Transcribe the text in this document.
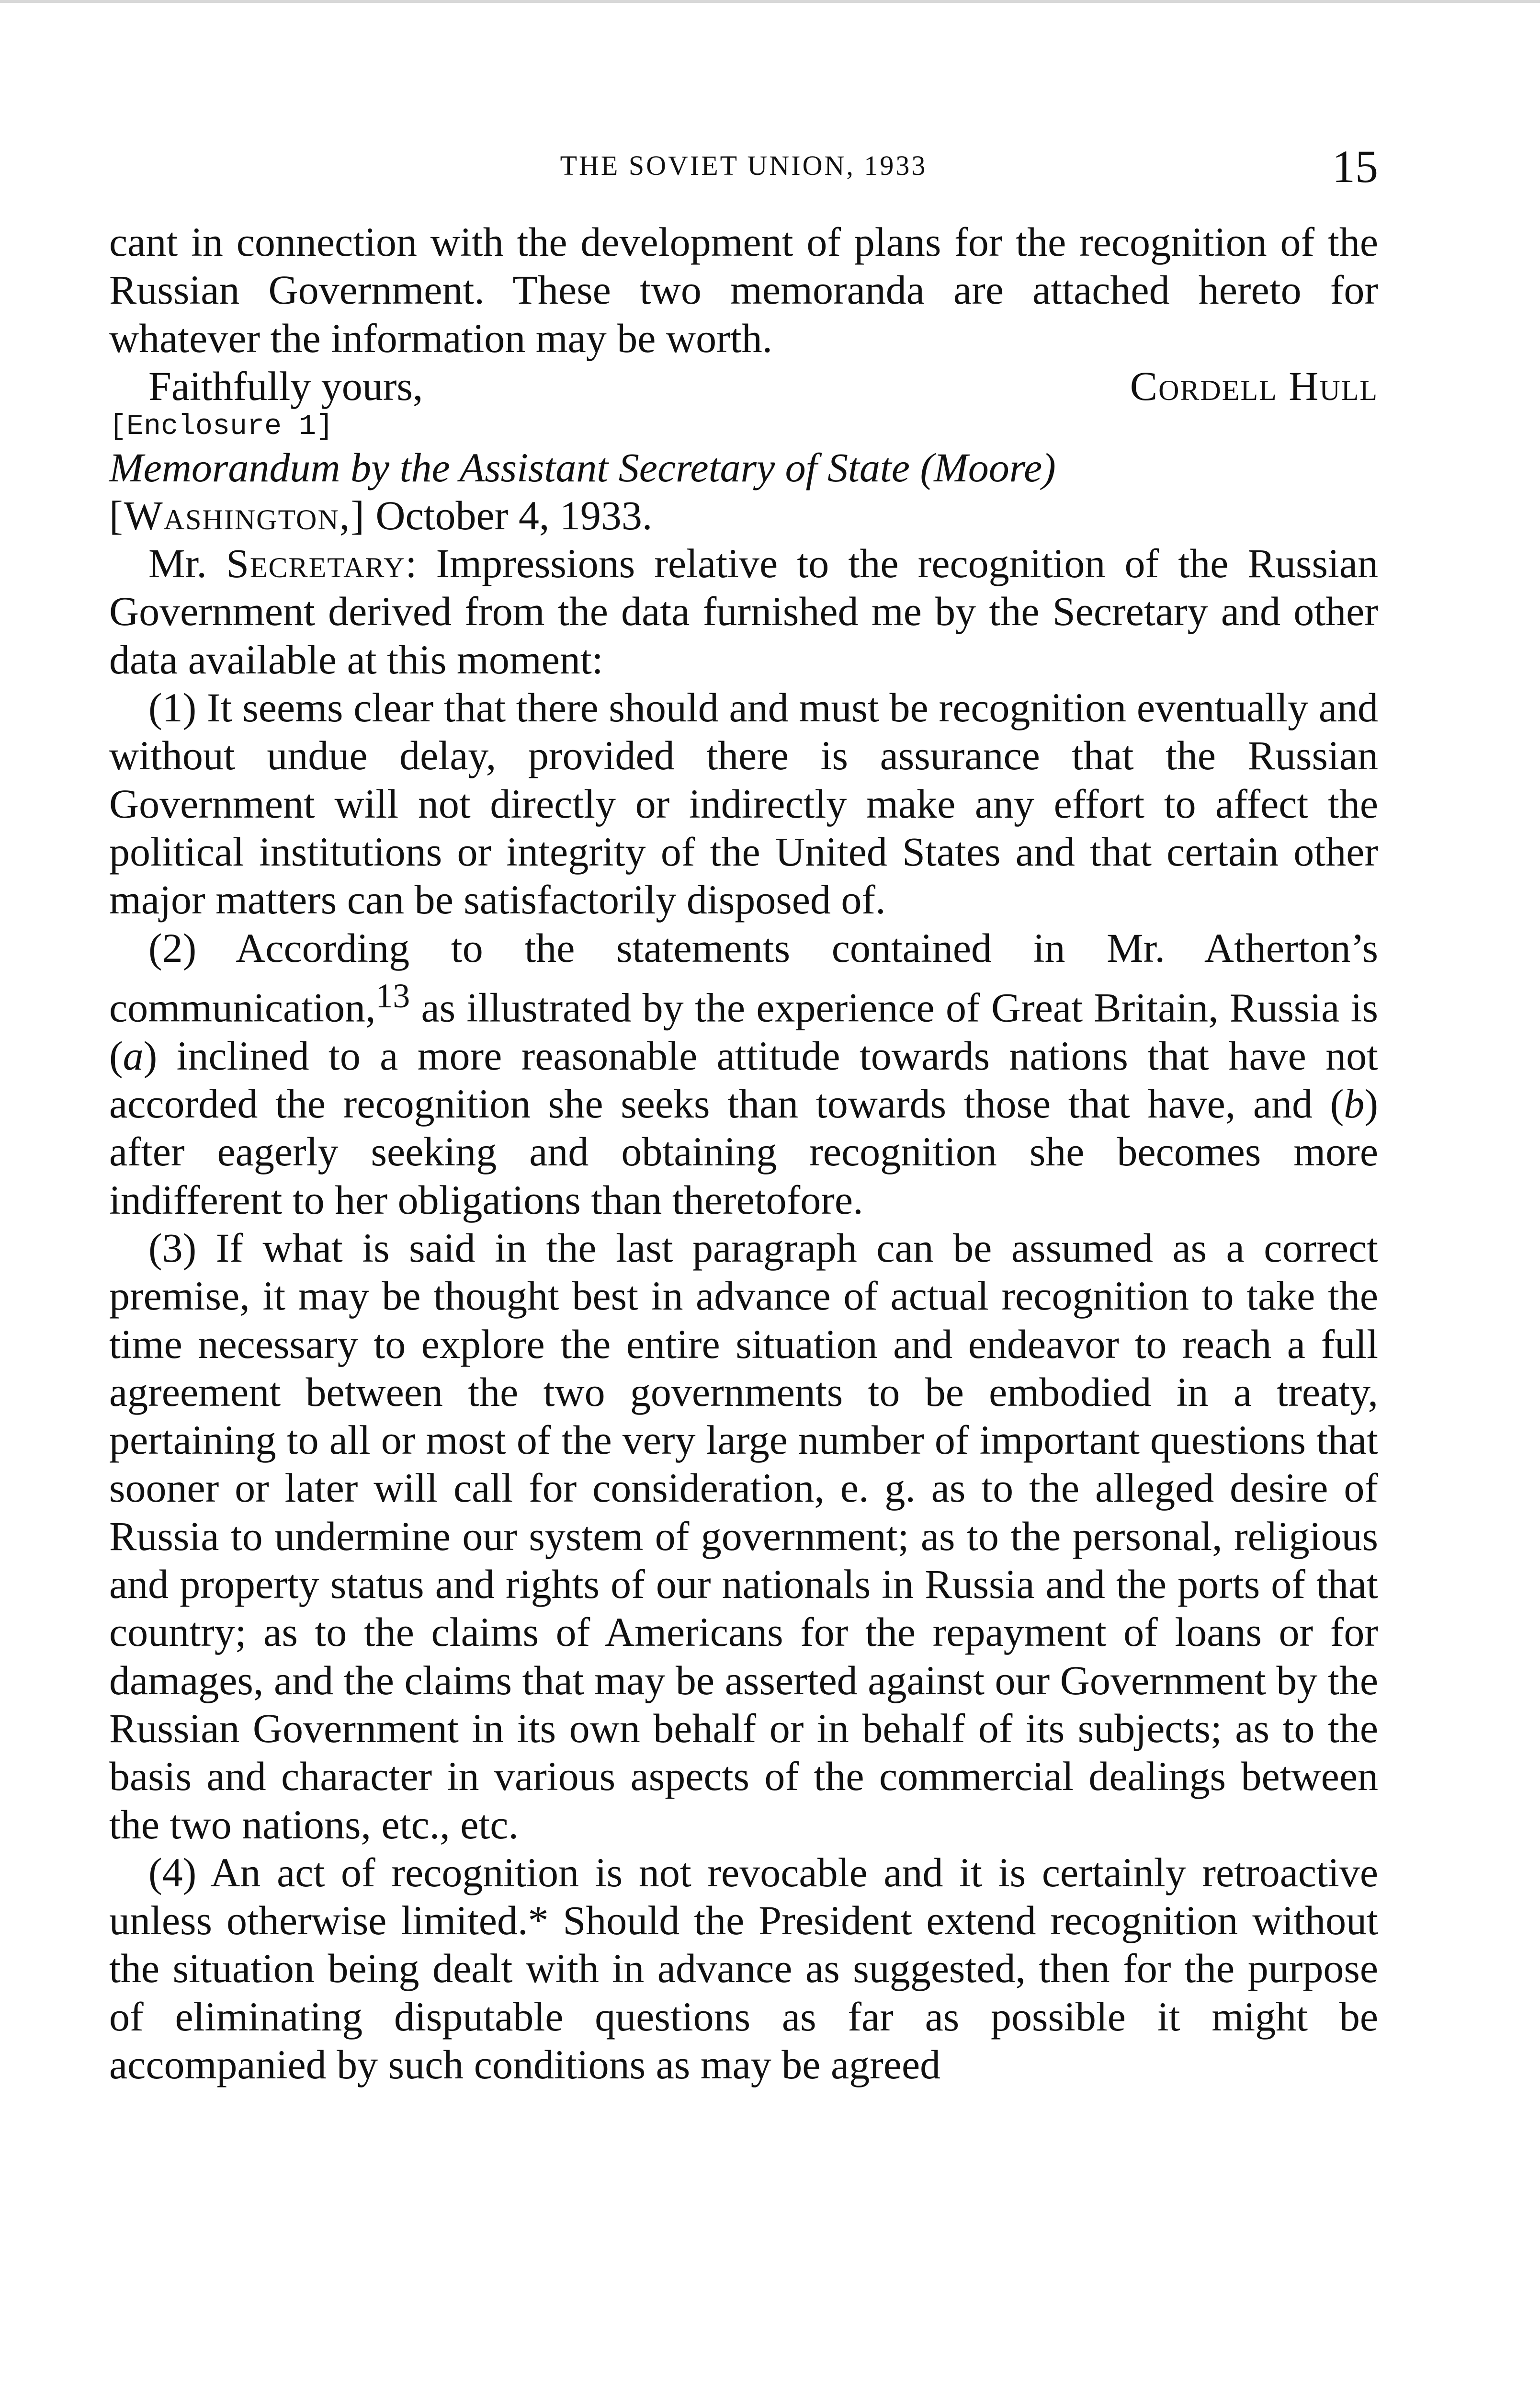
THE SOVIET UNION, 1933	15

cant in connection with the development of plans for the recognition of the Russian Government. These two memoranda are attached hereto for whatever the information may be worth.

Faithfully yours,	Cordell Hull

[Enclosure 1]

Memorandum by the Assistant Secretary of State (Moore)

[Washington,] October 4, 1933.

Mr. Secretary: Impressions relative to the recognition of the Russian Government derived from the data furnished me by the Secretary and other data available at this moment:

(1) It seems clear that there should and must be recognition eventually and without undue delay, provided there is assurance that the Russian Government will not directly or indirectly make any effort to affect the political institutions or integrity of the United States and that certain other major matters can be satisfactorily disposed of.

(2) According to the statements contained in Mr. Atherton’s communication,$^{13}$ as illustrated by the experience of Great Britain, Russia is (a) inclined to a more reasonable attitude towards nations that have not accorded the recognition she seeks than towards those that have, and (b) after eagerly seeking and obtaining recognition she becomes more indifferent to her obligations than theretofore.

(3) If what is said in the last paragraph can be assumed as a correct premise, it may be thought best in advance of actual recognition to take the time necessary to explore the entire situation and endeavor to reach a full agreement between the two governments to be embodied in a treaty, pertaining to all or most of the very large number of important questions that sooner or later will call for consideration, e. g. as to the alleged desire of Russia to undermine our system of government; as to the personal, religious and property status and rights of our nationals in Russia and the ports of that country; as to the claims of Americans for the repayment of loans or for damages, and the claims that may be asserted against our Government by the Russian Government in its own behalf or in behalf of its subjects; as to the basis and character in various aspects of the commercial dealings between the two nations, etc., etc.

(4) An act of recognition is not revocable and it is certainly retroactive unless otherwise limited.* Should the President extend recognition without the situation being dealt with in advance as suggested, then for the purpose of eliminating disputable questions as far as possible it might be accompanied by such conditions as may be agreed
